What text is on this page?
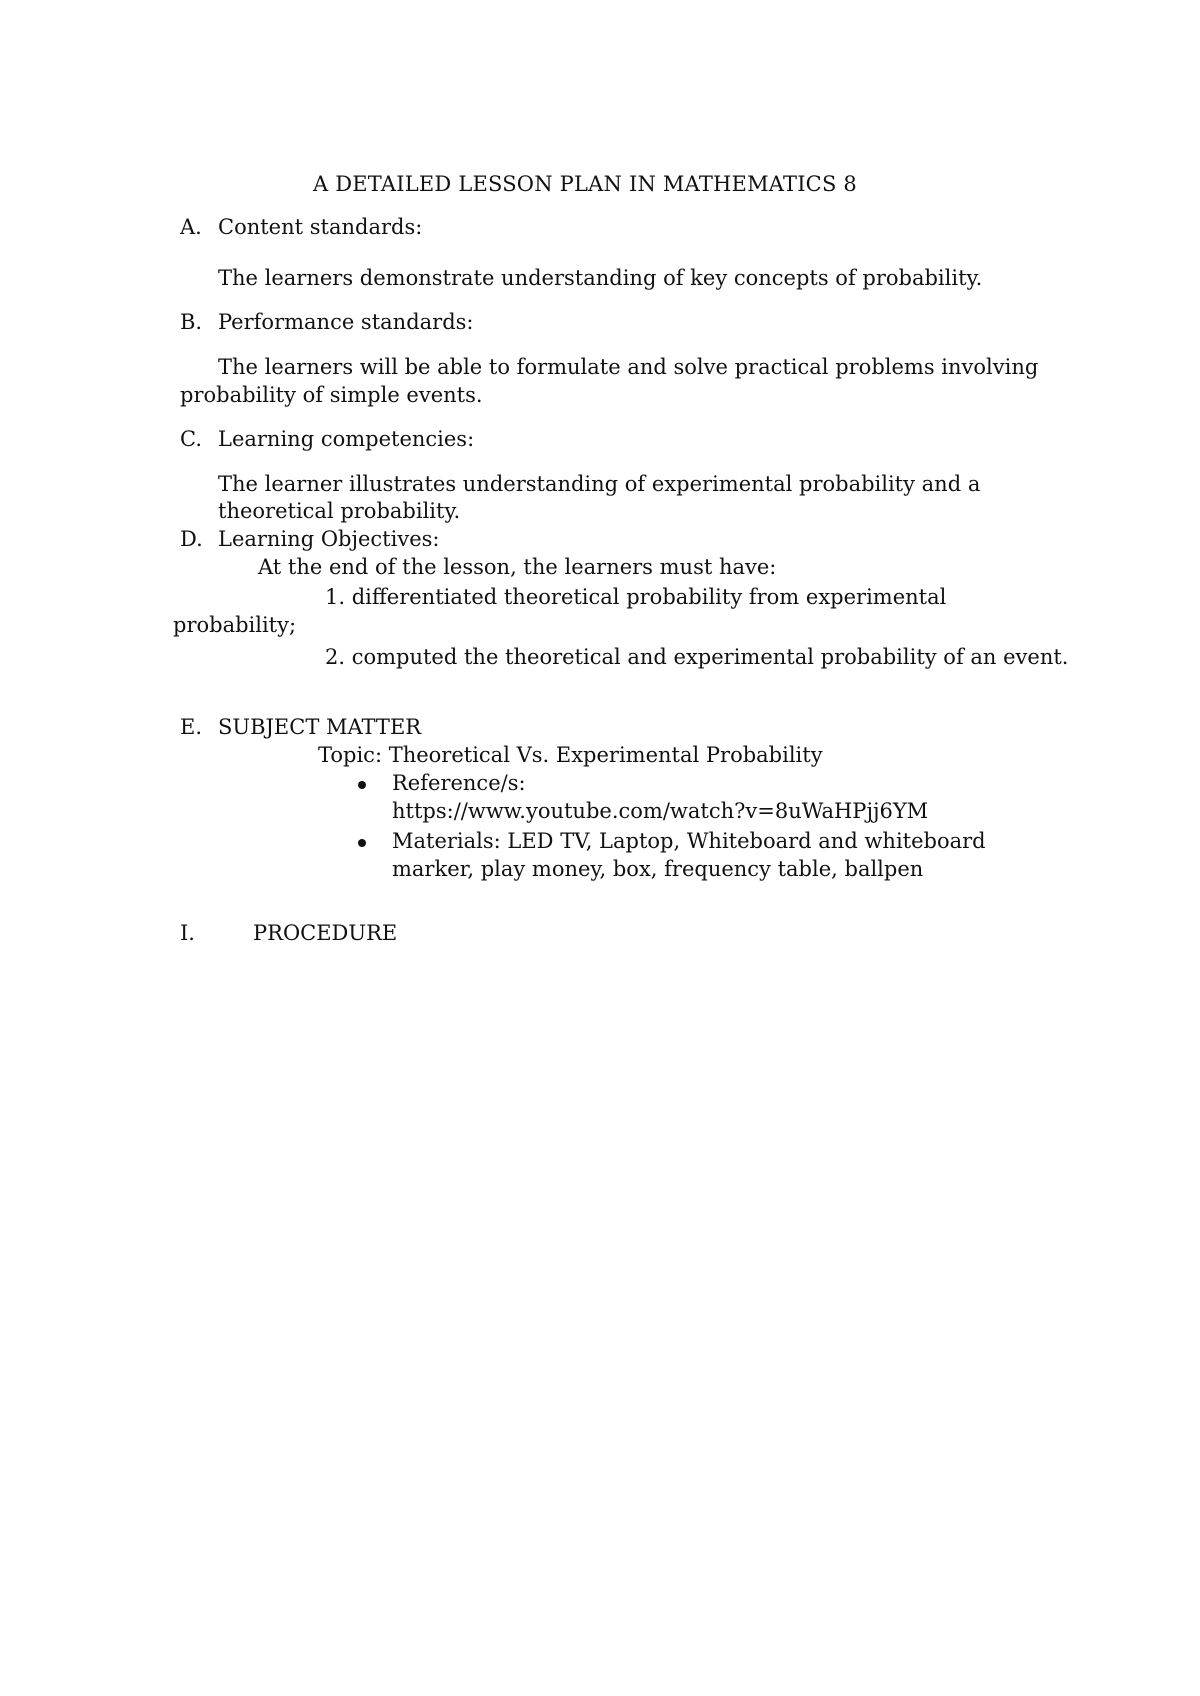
A DETAILED LESSON PLAN IN MATHEMATICS 8
A. Content standards:
The learners demonstrate understanding of key concepts of probability.
B. Performance standards:
The learners will be able to formulate and solve practical problems involving
probability of simple events.
C. Learning competencies:
The learner illustrates understanding of experimental probability and a
theoretical probability.
D. Learning Objectives:
At the end of the lesson, the learners must have:
1. differentiated theoretical probability from experimental
probability;
2. computed the theoretical and experimental probability of an event.
E. SUBJECT MATTER
Topic: Theoretical Vs. Experimental Probability
Reference/s:
https://www.youtube.com/watch?v=8uWaHPjj6YM
Materials: LED TV, Laptop, Whiteboard and whiteboard
marker, play money, box, frequency table, ballpen
I.	PROCEDURE
